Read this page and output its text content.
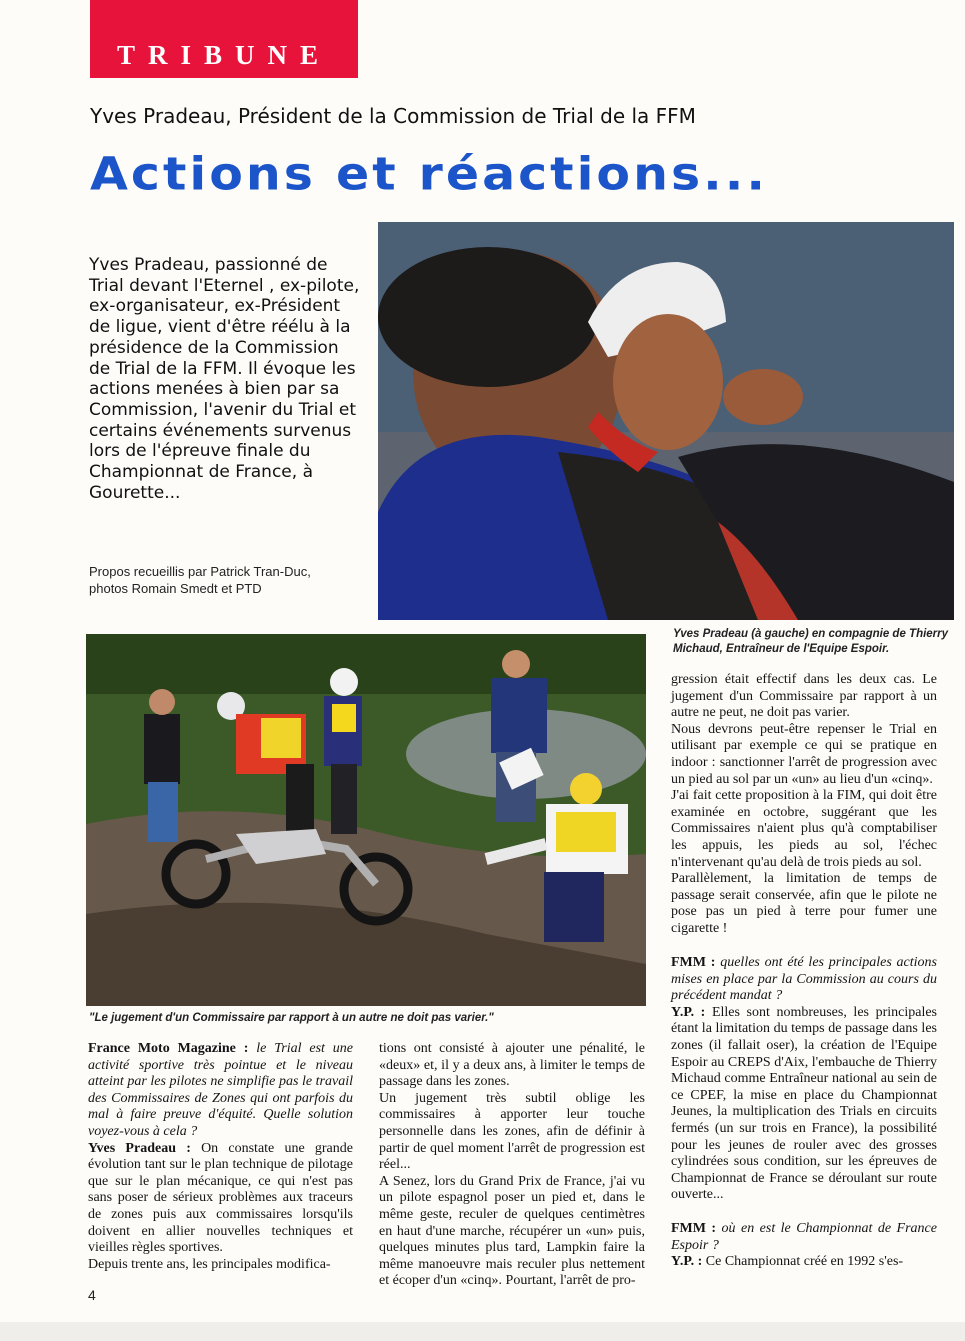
TRIBUNE
Yves Pradeau, Président de la Commission de Trial de la FFM
Actions et réactions...
Yves Pradeau, passionné de Trial devant l'Eternel , ex-pilote, ex-organisateur, ex-Président de ligue, vient d'être réélu à la présidence de la Commission de Trial de la FFM. Il évoque les actions menées à bien par sa Commission, l'avenir du Trial et certains événements survenus lors de l'épreuve finale du Championnat de France, à Gourette...
Propos recueillis par Patrick Tran-Duc,
photos Romain Smedt et PTD
Yves Pradeau (à gauche) en compagnie de Thierry Michaud, Entraîneur de l'Equipe Espoir.
"Le jugement d'un Commissaire par rapport à un autre ne doit pas varier."

France Moto Magazine : le Trial est une activité sportive très pointue et le niveau atteint par les pilotes ne simplifie pas le travail des Commissaires de Zones qui ont parfois du mal à faire preuve d'équité. Quelle solution voyez-vous à cela ?

Yves Pradeau : On constate une grande évolution tant sur le plan technique de pilotage que sur le plan mécanique, ce qui n'est pas sans poser de sérieux problèmes aux traceurs de zones puis aux commissaires lorsqu'ils doivent en allier nouvelles techniques et vieilles règles sportives.

Depuis trente ans, les principales modifica-

tions ont consisté à ajouter une pénalité, le «deux» et, il y a deux ans, à limiter le temps de passage dans les zones.

Un jugement très subtil oblige les commissaires à apporter leur touche personnelle dans les zones, afin de définir à partir de quel moment l'arrêt de progression est réel...

A Senez, lors du Grand Prix de France, j'ai vu un pilote espagnol poser un pied et, dans le même geste, reculer de quelques centimètres en haut d'une marche, récupérer un «un» puis, quelques minutes plus tard, Lampkin faire la même manoeuvre mais reculer plus nettement et écoper d'un «cinq». Pourtant, l'arrêt de pro-

gression était effectif dans les deux cas. Le jugement d'un Commissaire par rapport à un autre ne peut, ne doit pas varier.

Nous devrons peut-être repenser le Trial en utilisant par exemple ce qui se pratique en indoor : sanctionner l'arrêt de progression avec un pied au sol par un «un» au lieu d'un «cinq».

J'ai fait cette proposition à la FIM, qui doit être examinée en octobre, suggérant que les Commissaires n'aient plus qu'à comptabiliser les appuis, les pieds au sol, l'échec n'intervenant qu'au delà de trois pieds au sol.

Parallèlement, la limitation de temps de passage serait conservée, afin que le pilote ne pose pas un pied à terre pour fumer une cigarette !

FMM : quelles ont été les principales actions mises en place par la Commission au cours du précédent mandat ?

Y.P. : Elles sont nombreuses, les principales étant la limitation du temps de passage dans les zones (il fallait oser), la création de l'Equipe Espoir au CREPS d'Aix, l'embauche de Thierry Michaud comme Entraîneur national au sein de ce CPEF, la mise en place du Championnat Jeunes, la multiplication des Trials en circuits fermés (un sur trois en France), la possibilité pour les jeunes de rouler avec des grosses cylindrées sous condition, sur les épreuves de Championnat de France se déroulant sur route ouverte...

FMM : où en est le Championnat de France Espoir ?

Y.P. : Ce Championnat créé en 1992 s'es-

4
